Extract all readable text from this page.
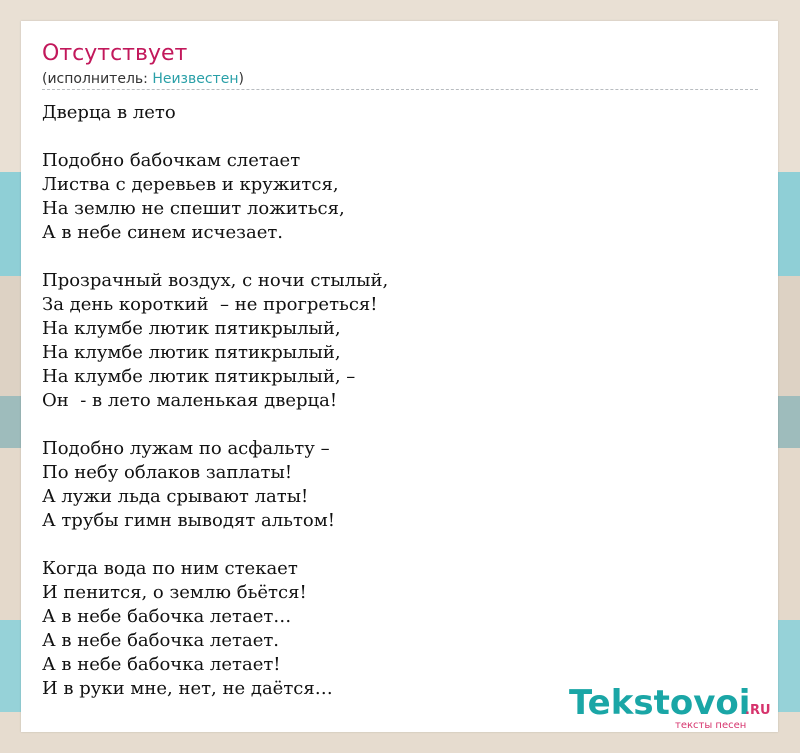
Отсутствует
(исполнитель: Неизвестен)
Дверца в лето
Подобно бабочкам слетает
Листва с деревьев и кружится,
На землю не спешит ложиться,
А в небе синем исчезает.
Прозрачный воздух, с ночи стылый,
За день короткий  – не прогреться!
На клумбе лютик пятикрылый,
На клумбе лютик пятикрылый,
На клумбе лютик пятикрылый, –
Он  - в лето маленькая дверца!
Подобно лужам по асфальту –
По небу облаков заплаты!
А лужи льда срывают латы!
А трубы гимн выводят альтом!
Когда вода по ним стекает
И пенится, о землю бьётся!
А в небе бабочка летает…
А в небе бабочка летает.
А в небе бабочка летает!
И в руки мне, нет, не даётся…	Tekstovoi
.RU
тексты песен
